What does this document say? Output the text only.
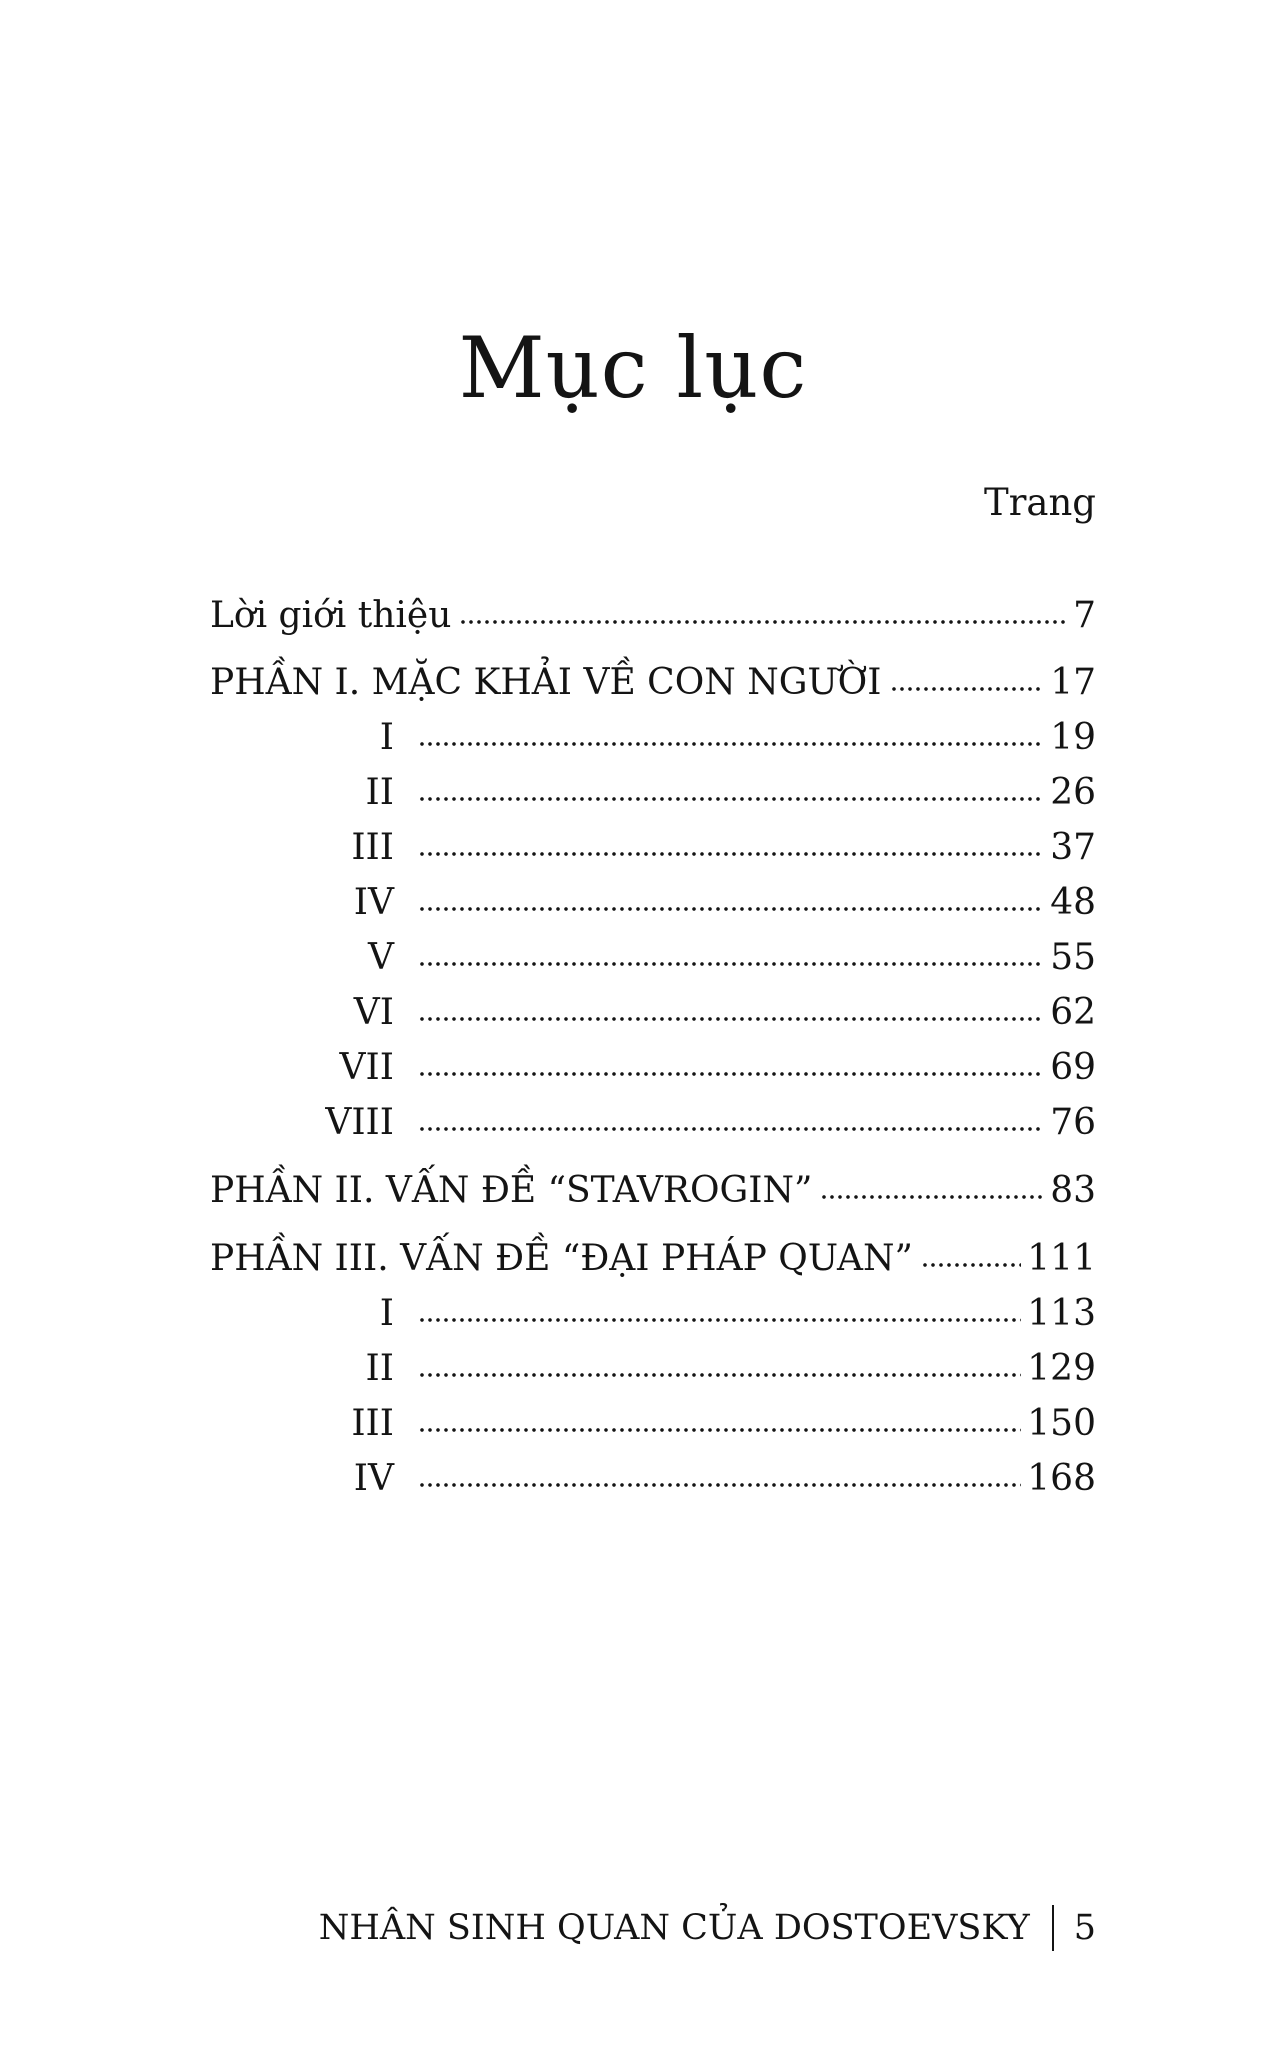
Mục lục
Trang
Lời giới thiệu	7
PHẦN I. MẶC KHẢI VỀ CON NGƯỜI	17
I	19
II	26
III	37
IV	48
V	55
VI	62
VII	69
VIII	76
PHẦN II. VẤN ĐỀ “STAVROGIN”	83
PHẦN III. VẤN ĐỀ “ĐẠI PHÁP QUAN”	111
I	113
II	129
III	150
IV	168
NHÂN SINH QUAN CỦA DOSTOEVSKY 5
